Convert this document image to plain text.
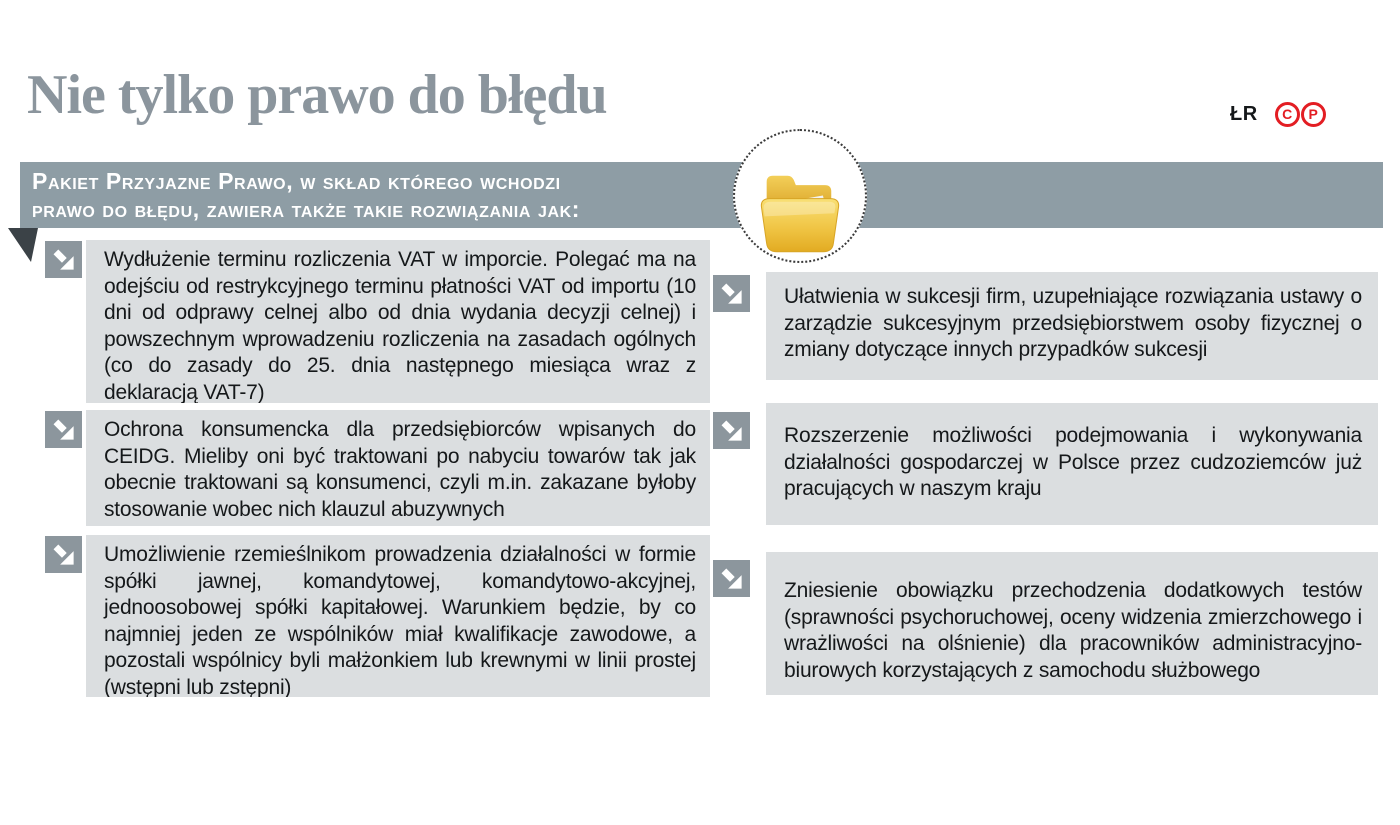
Nie tylko prawo do błędu	ŁR	C	P
Pakiet Przyjazne Prawo, w skład którego wchodzi
prawo do błędu, zawiera także takie rozwiązania jak:

Wydłużenie terminu rozliczenia VAT w imporcie. Polegać ma na odejściu od restrykcyjnego terminu płatności VAT od importu (10 dni od odprawy celnej albo od dnia wydania decyzji celnej) i powszechnym wprowadzeniu rozliczenia na zasadach ogólnych (co do zasady do 25. dnia następnego miesiąca wraz z deklaracją VAT-7)

Ochrona konsumencka dla przedsiębiorców wpisanych do CEIDG. Mieliby oni być traktowani po nabyciu towarów tak jak obecnie traktowani są konsumenci, czyli m.in. zakazane byłoby stosowanie wobec nich klauzul abuzywnych

Umożliwienie rzemieślnikom prowadzenia działalności w formie spółki jawnej, komandytowej, komandytowo-akcyjnej, jednoosobowej spółki kapitałowej. Warunkiem będzie, by co najmniej jeden ze wspólników miał kwalifikacje zawodowe, a pozostali wspólnicy byli małżonkiem lub krewnymi w linii prostej (wstępni lub zstępni)

Ułatwienia w sukcesji firm, uzupełniające rozwiązania ustawy o zarządzie sukcesyjnym przedsiębiorstwem osoby fizycznej o zmiany dotyczące innych przypadków sukcesji

Rozszerzenie możliwości podejmowania i wykonywania działalności gospodarczej w Polsce przez cudzoziemców już pracujących w naszym kraju

Zniesienie obowiązku przechodzenia dodatkowych testów (sprawności psychoruchowej, oceny widzenia zmierzchowego i wrażliwości na olśnienie) dla pracowników administracyjno-biurowych korzystających z samochodu służbowego
